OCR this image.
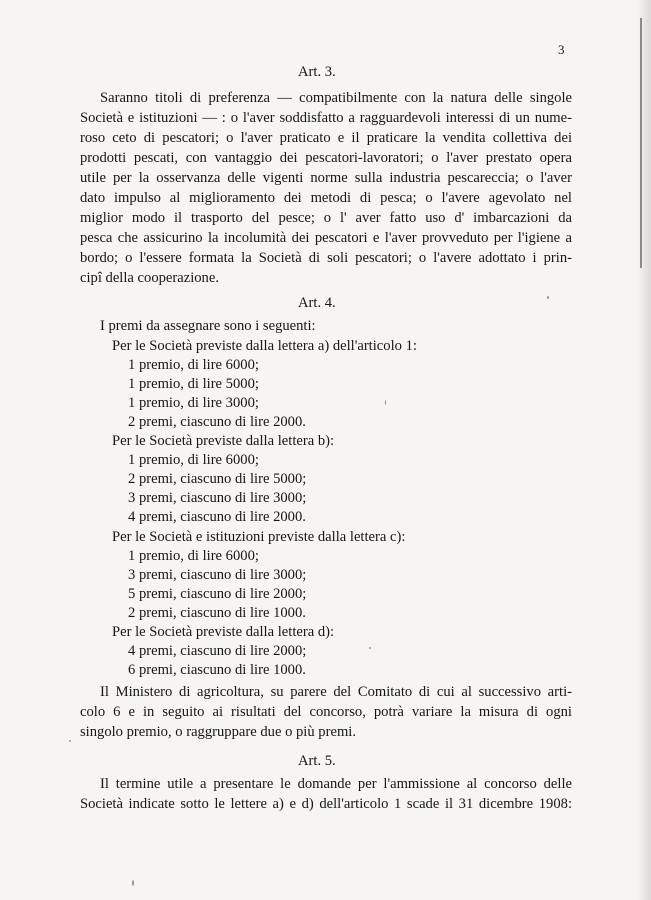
3
Art. 3.
Saranno titoli di preferenza — compatibilmente con la natura delle singole
Società e istituzioni — : o l'aver soddisfatto a ragguardevoli interessi di un nume-
roso ceto di pescatori; o l'aver praticato e il praticare la vendita collettiva dei
prodotti pescati, con vantaggio dei pescatori-lavoratori; o l'aver prestato opera
utile per la osservanza delle vigenti norme sulla industria pescareccia; o l'aver
dato impulso al miglioramento dei metodi di pesca; o l'avere agevolato nel
miglior modo il trasporto del pesce; o l' aver fatto uso d' imbarcazioni da
pesca che assicurino la incolumità dei pescatori e l'aver provveduto per l'igiene a
bordo; o l'essere formata la Società di soli pescatori; o l'avere adottato i prin-
cipî della cooperazione.
Art. 4.
I premi da assegnare sono i seguenti:
Per le Società previste dalla lettera a) dell'articolo 1:
1 premio, di lire 6000;
1 premio, di lire 5000;
1 premio, di lire 3000;
2 premi, ciascuno di lire 2000.
Per le Società previste dalla lettera b):
1 premio, di lire 6000;
2 premi, ciascuno di lire 5000;
3 premi, ciascuno di lire 3000;
4 premi, ciascuno di lire 2000.
Per le Società e istituzioni previste dalla lettera c):
1 premio, di lire 6000;
3 premi, ciascuno di lire 3000;
5 premi, ciascuno di lire 2000;
2 premi, ciascuno di lire 1000.
Per le Società previste dalla lettera d):
4 premi, ciascuno di lire 2000;
6 premi, ciascuno di lire 1000.
Il Ministero di agricoltura, su parere del Comitato di cui al successivo arti-
colo 6 e in seguito ai risultati del concorso, potrà variare la misura di ogni
singolo premio, o raggruppare due o più premi.
Art. 5.
Il termine utile a presentare le domande per l'ammissione al concorso delle
Società indicate sotto le lettere a) e d) dell'articolo 1 scade il 31 dicembre 1908:
